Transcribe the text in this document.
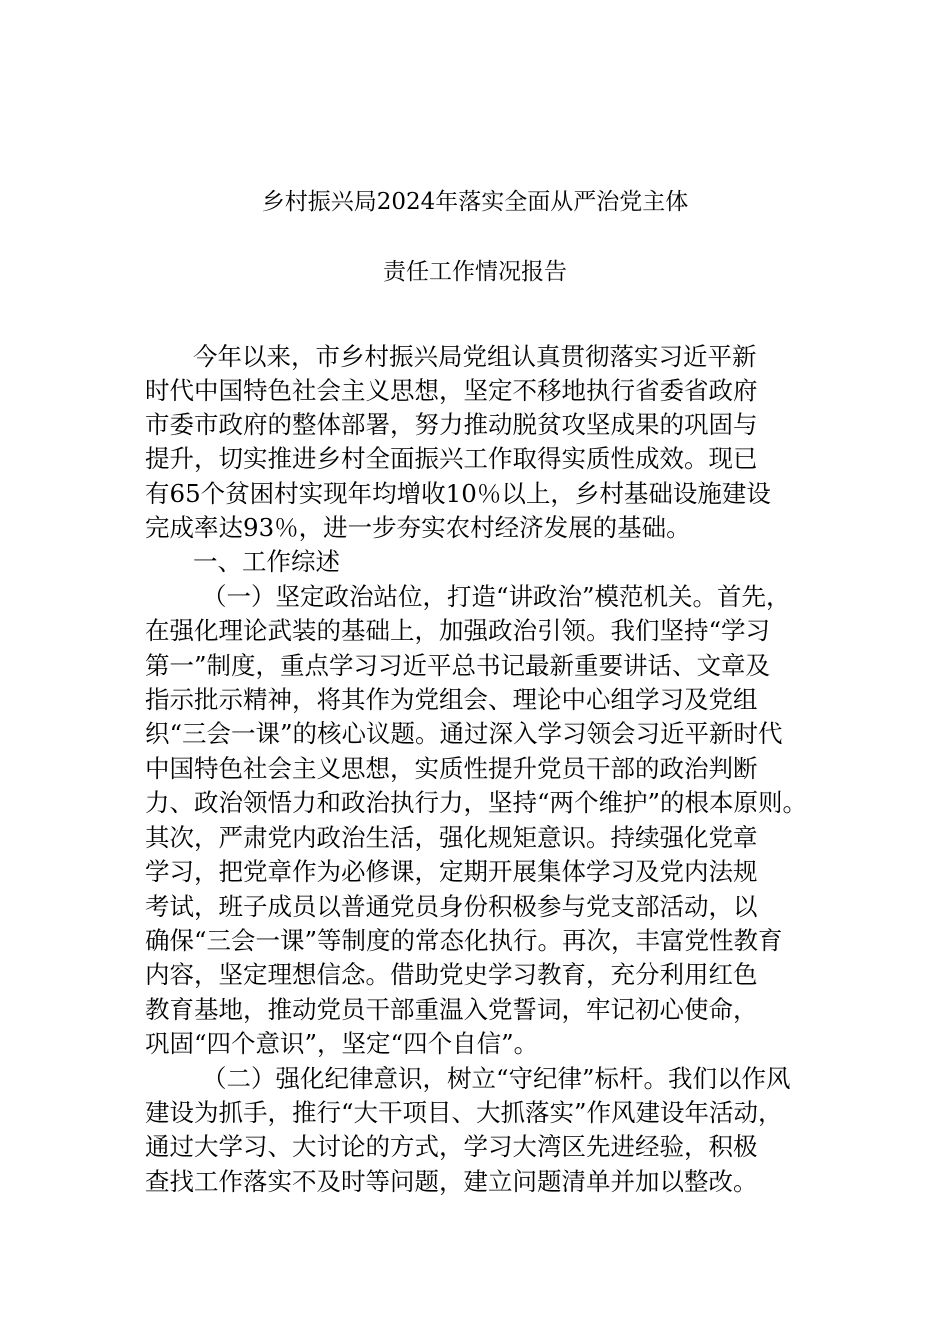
乡村振兴局2024年落实全面从严治党主体
责任工作情况报告
今年以来，市乡村振兴局党组认真贯彻落实习近平新
时代中国特色社会主义思想，坚定不移地执行省委省政府
市委市政府的整体部署，努力推动脱贫攻坚成果的巩固与
提升，切实推进乡村全面振兴工作取得实质性成效。现已
有65个贫困村实现年均增收10％以上，乡村基础设施建设
完成率达93％，进一步夯实农村经济发展的基础。
一、工作综述
（一）坚定政治站位，打造“讲政治”模范机关。首先，
在强化理论武装的基础上，加强政治引领。我们坚持“学习
第一”制度，重点学习习近平总书记最新重要讲话、文章及
指示批示精神，将其作为党组会、理论中心组学习及党组
织“三会一课”的核心议题。通过深入学习领会习近平新时代
中国特色社会主义思想，实质性提升党员干部的政治判断
力、政治领悟力和政治执行力，坚持“两个维护”的根本原则。
其次，严肃党内政治生活，强化规矩意识。持续强化党章
学习，把党章作为必修课，定期开展集体学习及党内法规
考试，班子成员以普通党员身份积极参与党支部活动，以
确保“三会一课”等制度的常态化执行。再次，丰富党性教育
内容，坚定理想信念。借助党史学习教育，充分利用红色
教育基地，推动党员干部重温入党誓词，牢记初心使命，
巩固“四个意识”，坚定“四个自信”。
（二）强化纪律意识，树立“守纪律”标杆。我们以作风
建设为抓手，推行“大干项目、大抓落实”作风建设年活动，
通过大学习、大讨论的方式，学习大湾区先进经验，积极
查找工作落实不及时等问题，建立问题清单并加以整改。
